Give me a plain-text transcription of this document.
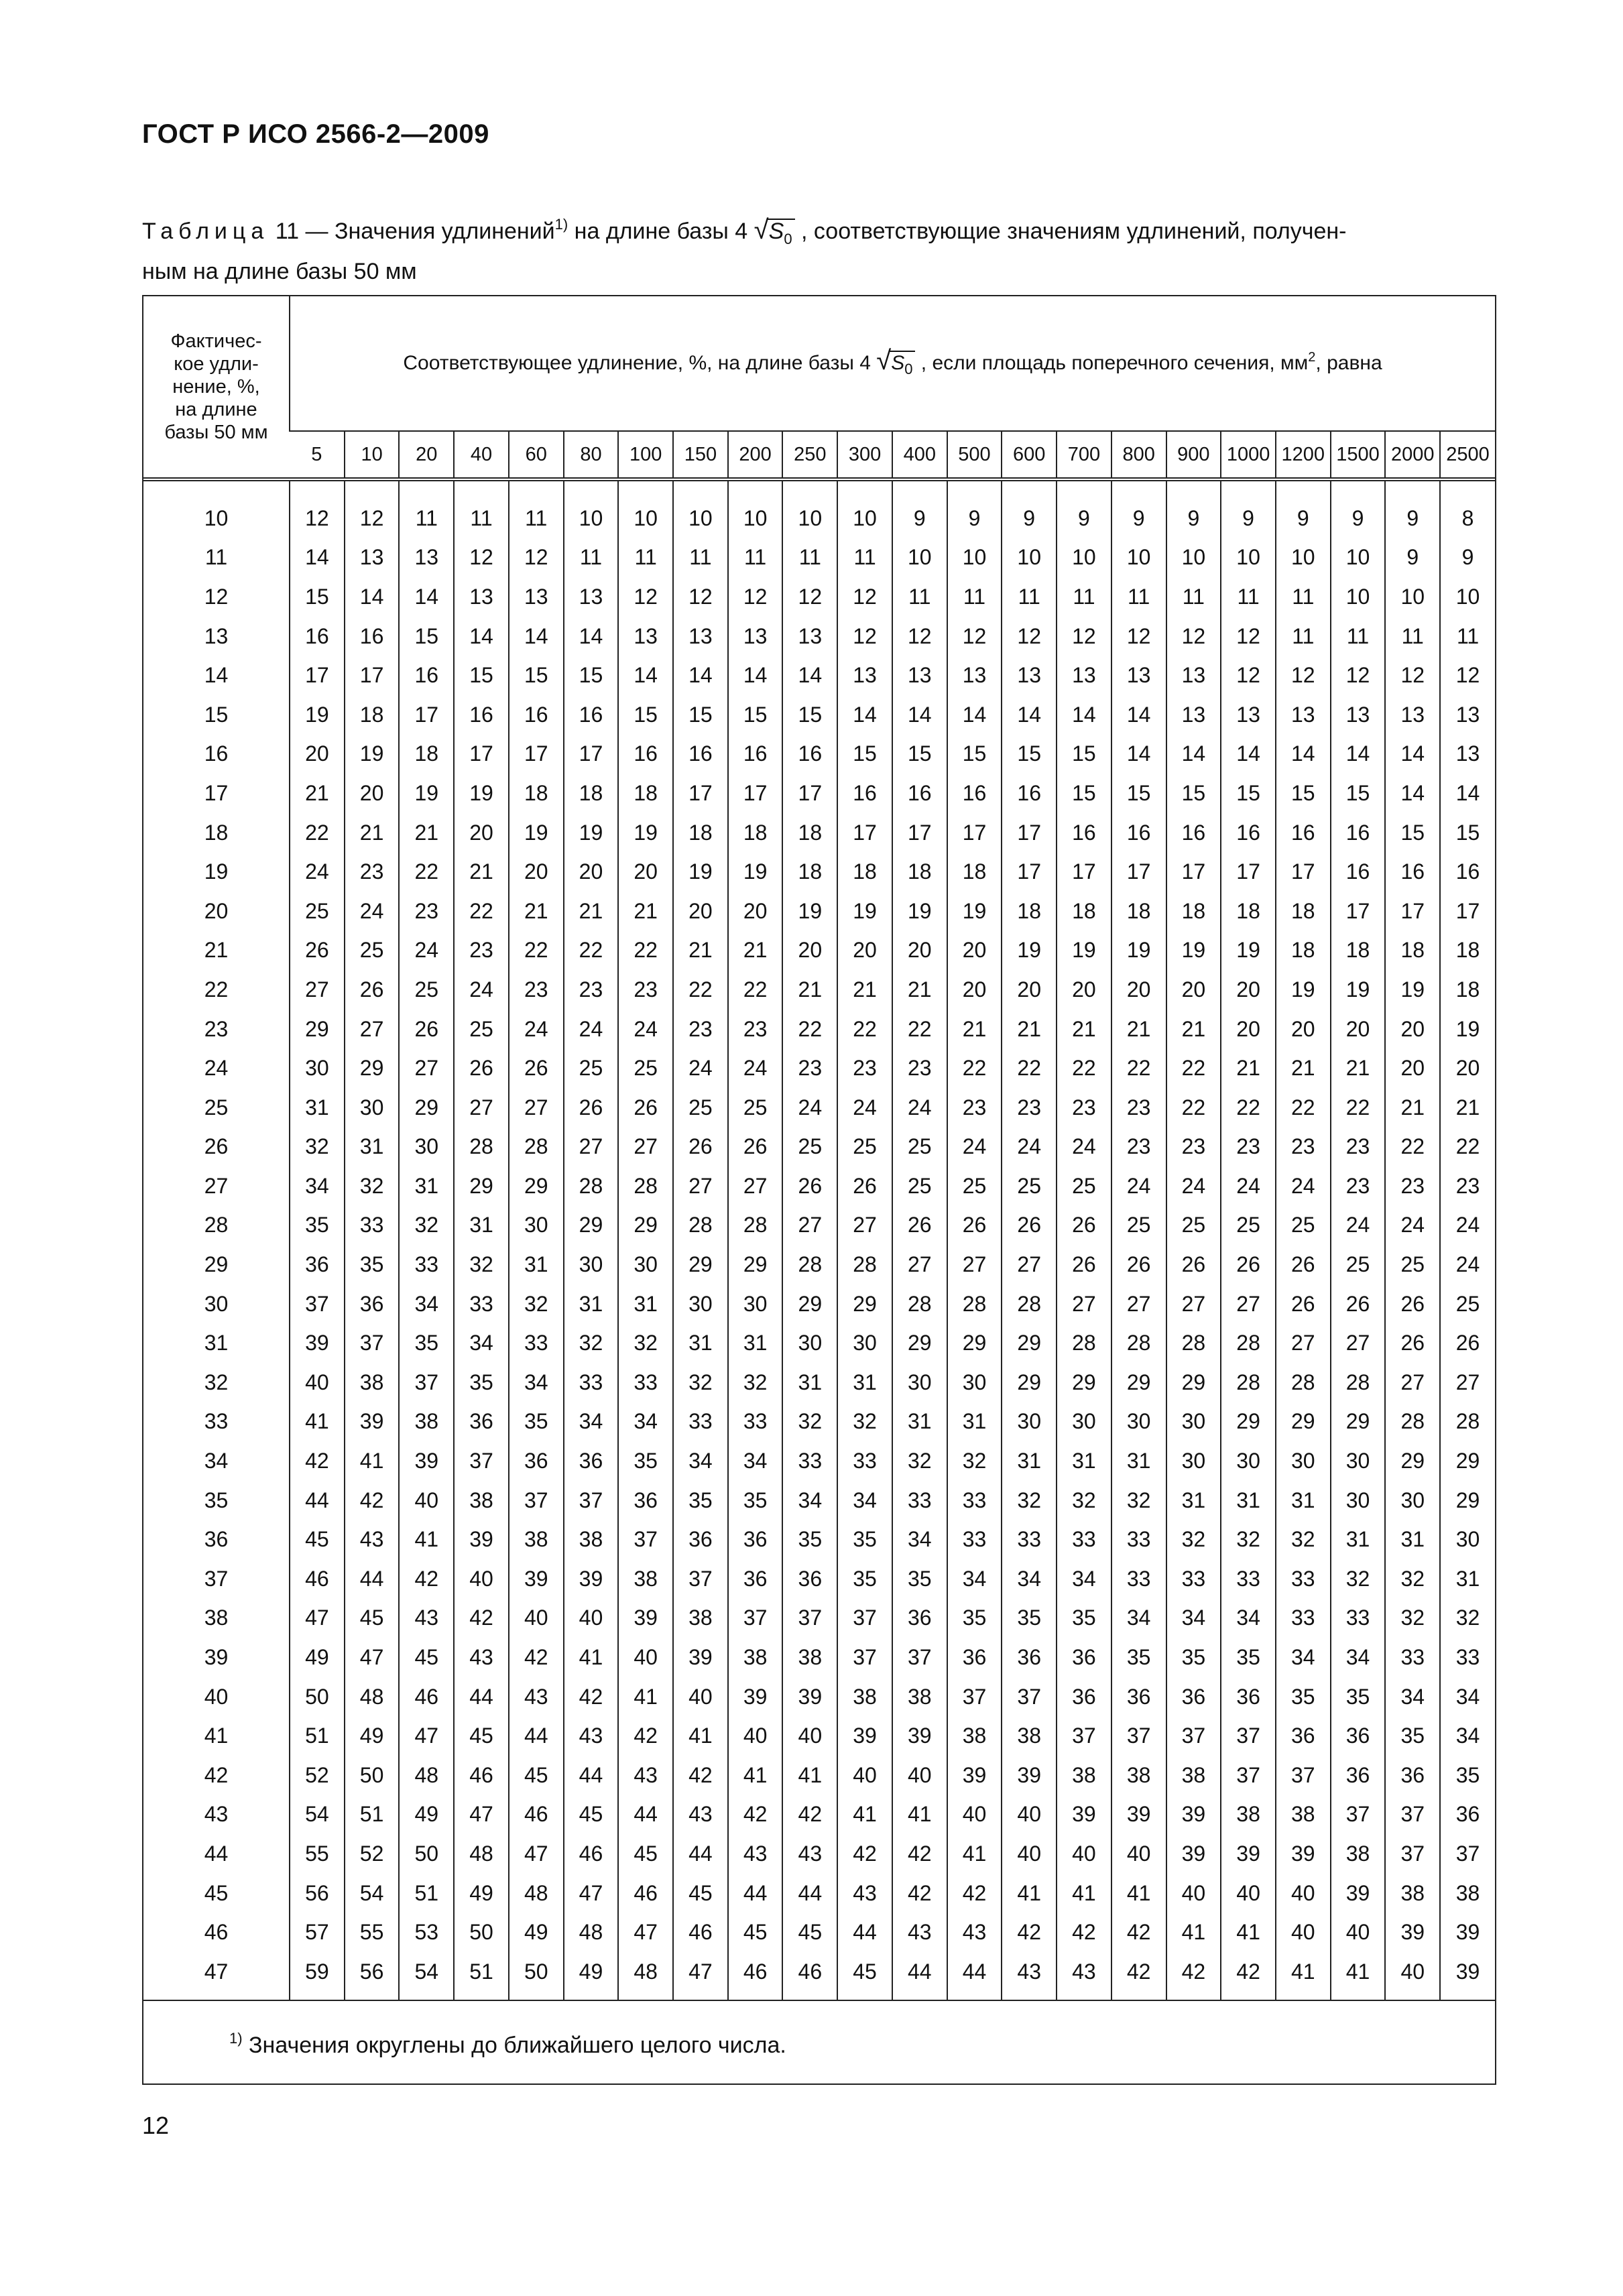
ГОСТ Р ИСО 2566-2—2009
Таблица 11 — Значения удлинений$^{1)}$ на длине базы 4 $√S_0$ , соответствующие значениям удлинений, получен-
ным на длине базы 50 мм
Фактичес-
кое удли-
нение, %,
на длине
базы 50 мм	Соответствующее удлинение, %, на длине базы 4 $√S_0$ , если площадь поперечного сечения, $мм^2$, равна																					
	5	10	20	40	60	80	100	150	200	250	300	400	500	600	700	800	900	1000	1200	1500	2000	2500

10	12	12	11	11	11	10	10	10	10	10	10	9	9	9	9	9	9	9	9	9	9	8
11	14	13	13	12	12	11	11	11	11	11	11	10	10	10	10	10	10	10	10	10	9	9
12	15	14	14	13	13	13	12	12	12	12	12	11	11	11	11	11	11	11	11	10	10	10
13	16	16	15	14	14	14	13	13	13	13	12	12	12	12	12	12	12	12	11	11	11	11
14	17	17	16	15	15	15	14	14	14	14	13	13	13	13	13	13	13	12	12	12	12	12
15	19	18	17	16	16	16	15	15	15	15	14	14	14	14	14	14	13	13	13	13	13	13
16	20	19	18	17	17	17	16	16	16	16	15	15	15	15	15	14	14	14	14	14	14	13
17	21	20	19	19	18	18	18	17	17	17	16	16	16	16	15	15	15	15	15	15	14	14
18	22	21	21	20	19	19	19	18	18	18	17	17	17	17	16	16	16	16	16	16	15	15
19	24	23	22	21	20	20	20	19	19	18	18	18	18	17	17	17	17	17	17	16	16	16
20	25	24	23	22	21	21	21	20	20	19	19	19	19	18	18	18	18	18	18	17	17	17
21	26	25	24	23	22	22	22	21	21	20	20	20	20	19	19	19	19	19	18	18	18	18
22	27	26	25	24	23	23	23	22	22	21	21	21	20	20	20	20	20	20	19	19	19	18
23	29	27	26	25	24	24	24	23	23	22	22	22	21	21	21	21	21	20	20	20	20	19
24	30	29	27	26	26	25	25	24	24	23	23	23	22	22	22	22	22	21	21	21	20	20
25	31	30	29	27	27	26	26	25	25	24	24	24	23	23	23	23	22	22	22	22	21	21
26	32	31	30	28	28	27	27	26	26	25	25	25	24	24	24	23	23	23	23	23	22	22
27	34	32	31	29	29	28	28	27	27	26	26	25	25	25	25	24	24	24	24	23	23	23
28	35	33	32	31	30	29	29	28	28	27	27	26	26	26	26	25	25	25	25	24	24	24
29	36	35	33	32	31	30	30	29	29	28	28	27	27	27	26	26	26	26	26	25	25	24
30	37	36	34	33	32	31	31	30	30	29	29	28	28	28	27	27	27	27	26	26	26	25
31	39	37	35	34	33	32	32	31	31	30	30	29	29	29	28	28	28	28	27	27	26	26
32	40	38	37	35	34	33	33	32	32	31	31	30	30	29	29	29	29	28	28	28	27	27
33	41	39	38	36	35	34	34	33	33	32	32	31	31	30	30	30	30	29	29	29	28	28
34	42	41	39	37	36	36	35	34	34	33	33	32	32	31	31	31	30	30	30	30	29	29
35	44	42	40	38	37	37	36	35	35	34	34	33	33	32	32	32	31	31	31	30	30	29
36	45	43	41	39	38	38	37	36	36	35	35	34	33	33	33	33	32	32	32	31	31	30
37	46	44	42	40	39	39	38	37	36	36	35	35	34	34	34	33	33	33	33	32	32	31
38	47	45	43	42	40	40	39	38	37	37	37	36	35	35	35	34	34	34	33	33	32	32
39	49	47	45	43	42	41	40	39	38	38	37	37	36	36	36	35	35	35	34	34	33	33
40	50	48	46	44	43	42	41	40	39	39	38	38	37	37	36	36	36	36	35	35	34	34
41	51	49	47	45	44	43	42	41	40	40	39	39	38	38	37	37	37	37	36	36	35	34
42	52	50	48	46	45	44	43	42	41	41	40	40	39	39	38	38	38	37	37	36	36	35
43	54	51	49	47	46	45	44	43	42	42	41	41	40	40	39	39	39	38	38	37	37	36
44	55	52	50	48	47	46	45	44	43	43	42	42	41	40	40	40	39	39	39	38	37	37
45	56	54	51	49	48	47	46	45	44	44	43	42	42	41	41	41	40	40	40	39	38	38
46	57	55	53	50	49	48	47	46	45	45	44	43	43	42	42	42	41	41	40	40	39	39
47	59	56	54	51	50	49	48	47	46	46	45	44	44	43	43	42	42	42	41	41	40	39

$^{1)}$ Значения округлены до ближайшего целого числа.
12
